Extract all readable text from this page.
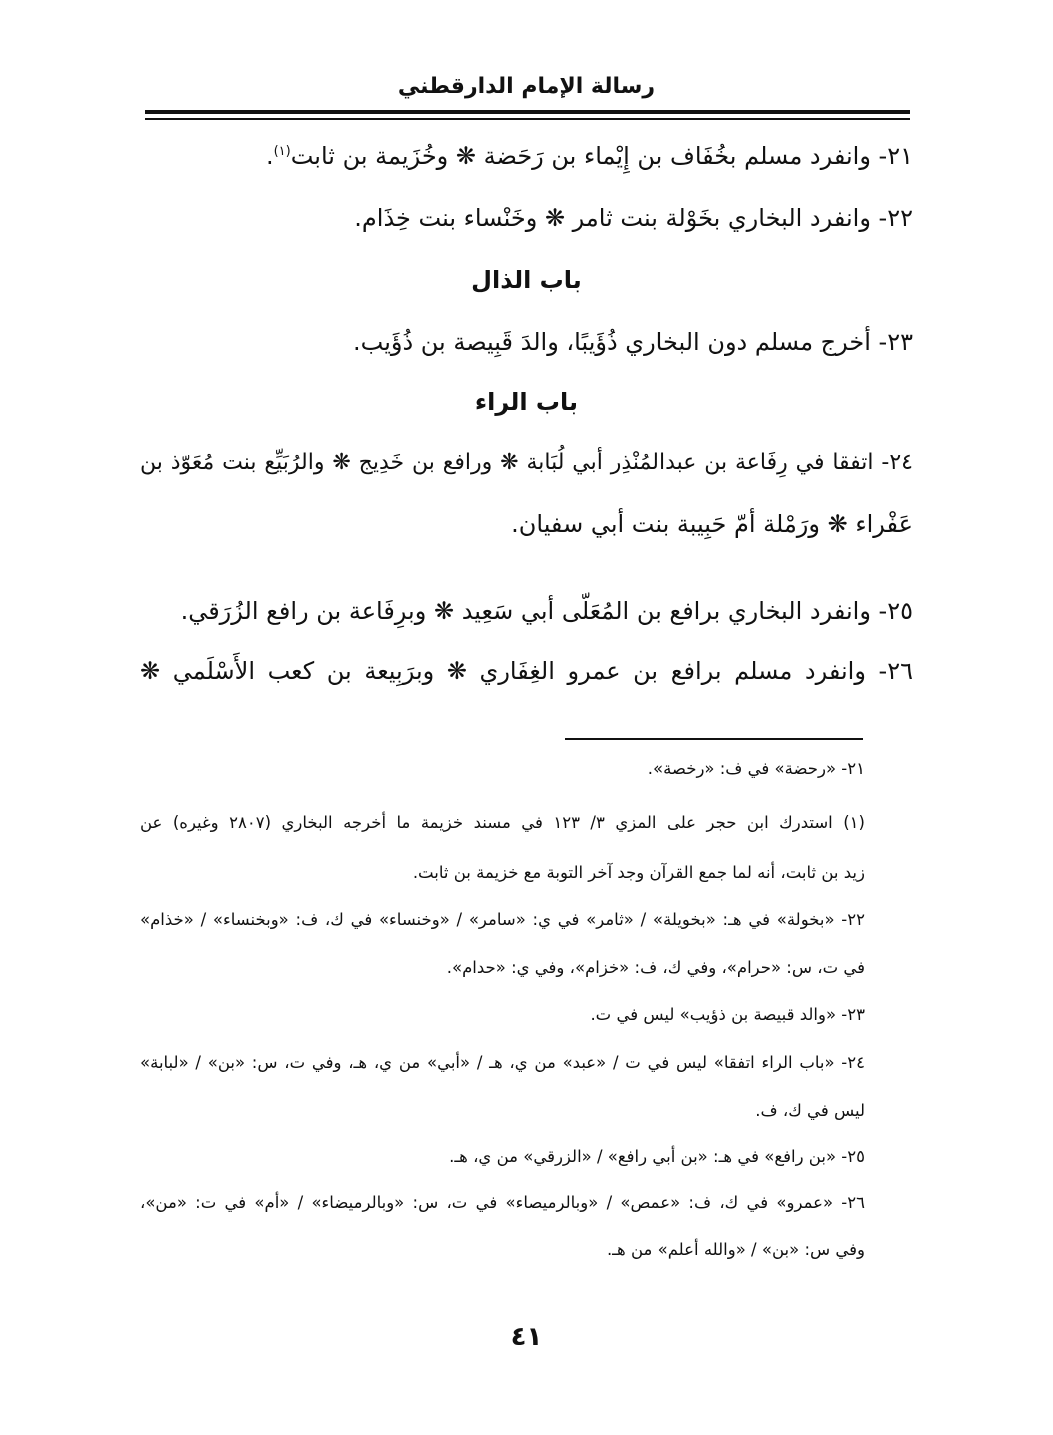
رسالة الإمام الدارقطني
٢١- وانفرد مسلم بخُفَاف بن إِيْماء بن رَحَضة ❋ وخُزَيمة بن ثابت$^{(١)}$.
٢٢- وانفرد البخاري بخَوْلة بنت ثامر ❋ وخَنْساء بنت خِذَام.
باب الذال
٢٣- أخرج مسلم دون البخاري ذُؤَيبًا، والدَ قَبِيصة بن ذُؤَيب.
باب الراء
٢٤- اتفقا في رِفَاعة بن عبدالمُنْذِر أبي لُبَابة ❋ ورافع بن خَدِيج ❋ والرُبَيِّع بنت مُعَوّذ بن
عَفْراء ❋ ورَمْلة أمّ حَبِيبة بنت أبي سفيان.
٢٥- وانفرد البخاري برافع بن المُعَلّى أبي سَعِيد ❋ وبرِفَاعة بن رافع الزُرَقي.
٢٦- وانفرد مسلم برافع بن عمرو الغِفَاري ❋ وبرَبِيعة بن كعب الأَسْلَمي ❋
٢١- «رحضة» في ف: «رخصة».
(١) استدرك ابن حجر على المزي ٣/ ١٢٣ في مسند خزيمة ما أخرجه البخاري (٢٨٠٧ وغيره) عن
زيد بن ثابت، أنه لما جمع القرآن وجد آخر التوبة مع خزيمة بن ثابت.
٢٢- «بخولة» في هـ: «بخويلة» / «ثامر» في ي: «سامر» / «وخنساء» في ك، ف: «وبخنساء» / «خذام»
في ت، س: «حرام»، وفي ك، ف: «خزام»، وفي ي: «حدام».
٢٣- «والد قبيصة بن ذؤيب» ليس في ت.
٢٤- «باب الراء اتفقا» ليس في ت / «عبد» من ي، هـ / «أبي» من ي، هـ، وفي ت، س: «بن» / «لبابة»
ليس في ك، ف.
٢٥- «بن رافع» في هـ: «بن أبي رافع» / «الزرقي» من ي، هـ.
٢٦- «عمرو» في ك، ف: «عمص» / «وبالرميصاء» في ت، س: «وبالرميضاء» / «أم» في ت: «من»،
وفي س: «بن» / «والله أعلم» من هـ.
٤١
